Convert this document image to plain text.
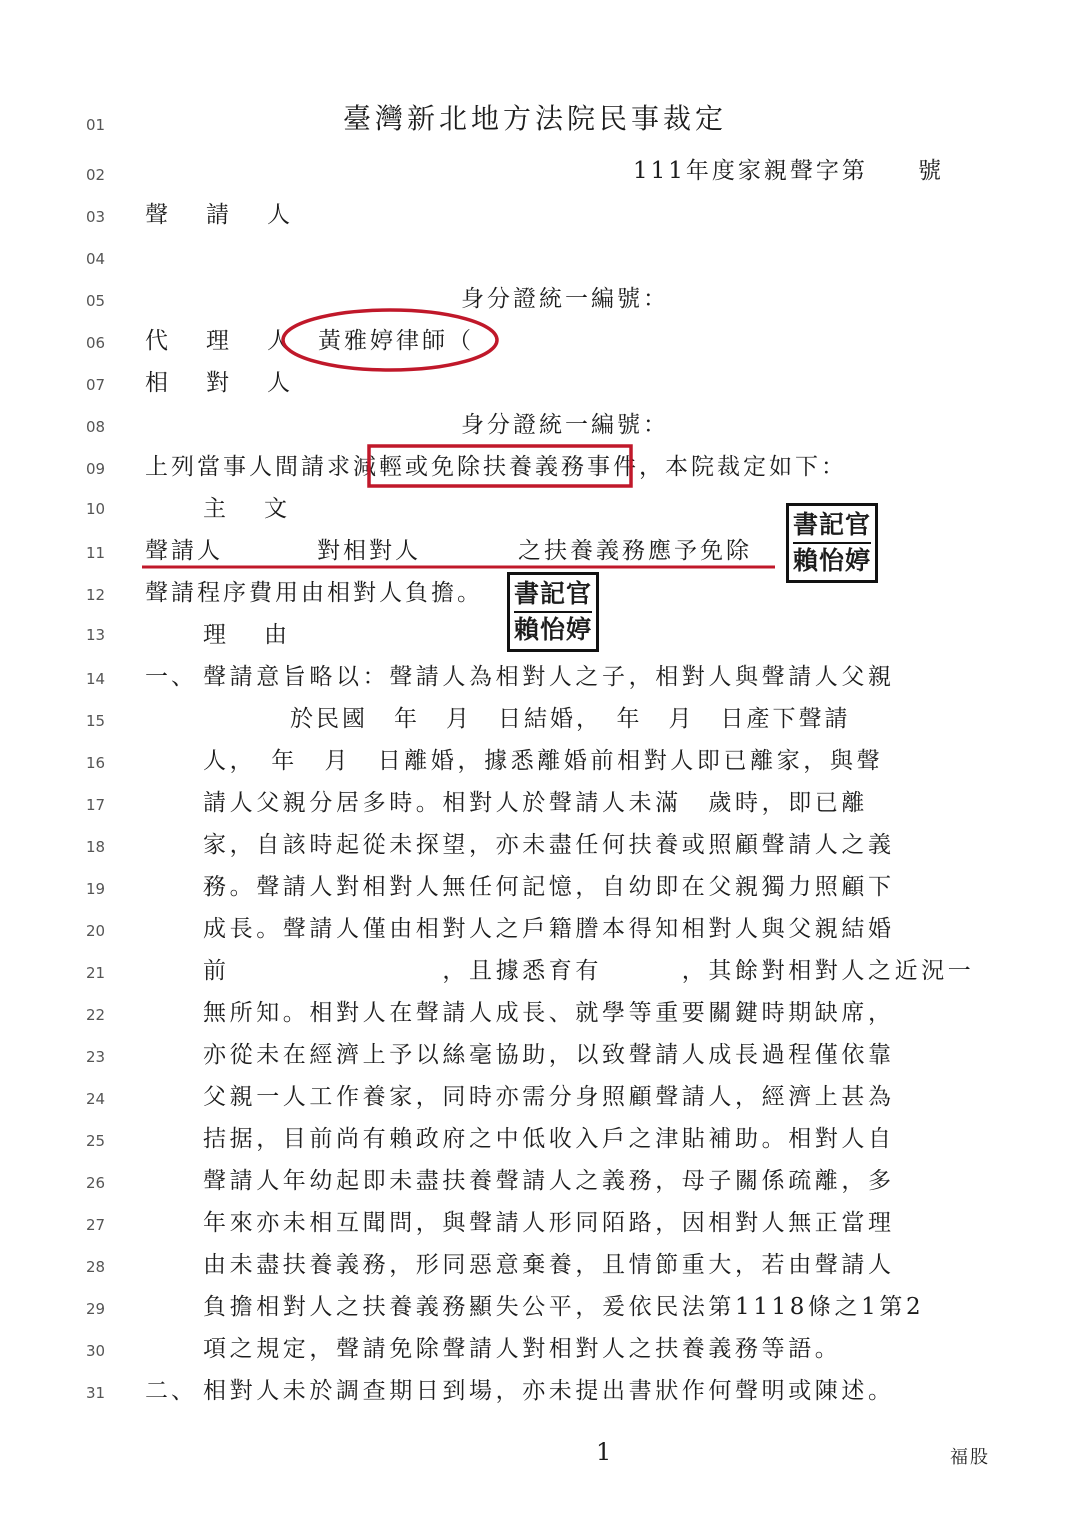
01
02
03
04
05
06
07
08
09
10
11
12
13
14
15
16
17
18
19
20
21
22
23
24
25
26
27
28
29
30
31
臺灣新北地方法院民事裁定
111年度家親聲字第 號
聲請人
身分證統一編號：
代理人
黃雅婷律師（
相對人
身分證統一編號：
上列當事人間請求減輕或免除扶養義務事件，本院裁定如下：
主文
聲請人	對相對人	之扶養義務應予免除
聲請程序費用由相對人負擔。
理由
一、 聲請意旨略以：聲請人為相對人之子，相對人與聲請人父親
於民國　年　月　日結婚，　年　月　日產下聲請
人，　年　月　日離婚，據悉離婚前相對人即已離家，與聲
請人父親分居多時。相對人於聲請人未滿　歲時，即已離
家，自該時起從未探望，亦未盡任何扶養或照顧聲請人之義
務。聲請人對相對人無任何記憶，自幼即在父親獨力照顧下
成長。聲請人僅由相對人之戶籍謄本得知相對人與父親結婚
前　　　　　　　　，且據悉育有　　　，其餘對相對人之近況一
無所知。相對人在聲請人成長、就學等重要關鍵時期缺席，
亦從未在經濟上予以絲毫協助，以致聲請人成長過程僅依靠
父親一人工作養家，同時亦需分身照顧聲請人，經濟上甚為
拮据，目前尚有賴政府之中低收入戶之津貼補助。相對人自
聲請人年幼起即未盡扶養聲請人之義務，母子關係疏離，多
年來亦未相互聞問，與聲請人形同陌路，因相對人無正當理
由未盡扶養義務，形同惡意棄養，且情節重大，若由聲請人
負擔相對人之扶養義務顯失公平，爰依民法第1118條之1第2
項之規定，聲請免除聲請人對相對人之扶養義務等語。
二、 相對人未於調查期日到場，亦未提出書狀作何聲明或陳述。
書記官
賴怡婷
書記官
賴怡婷
1	福股
